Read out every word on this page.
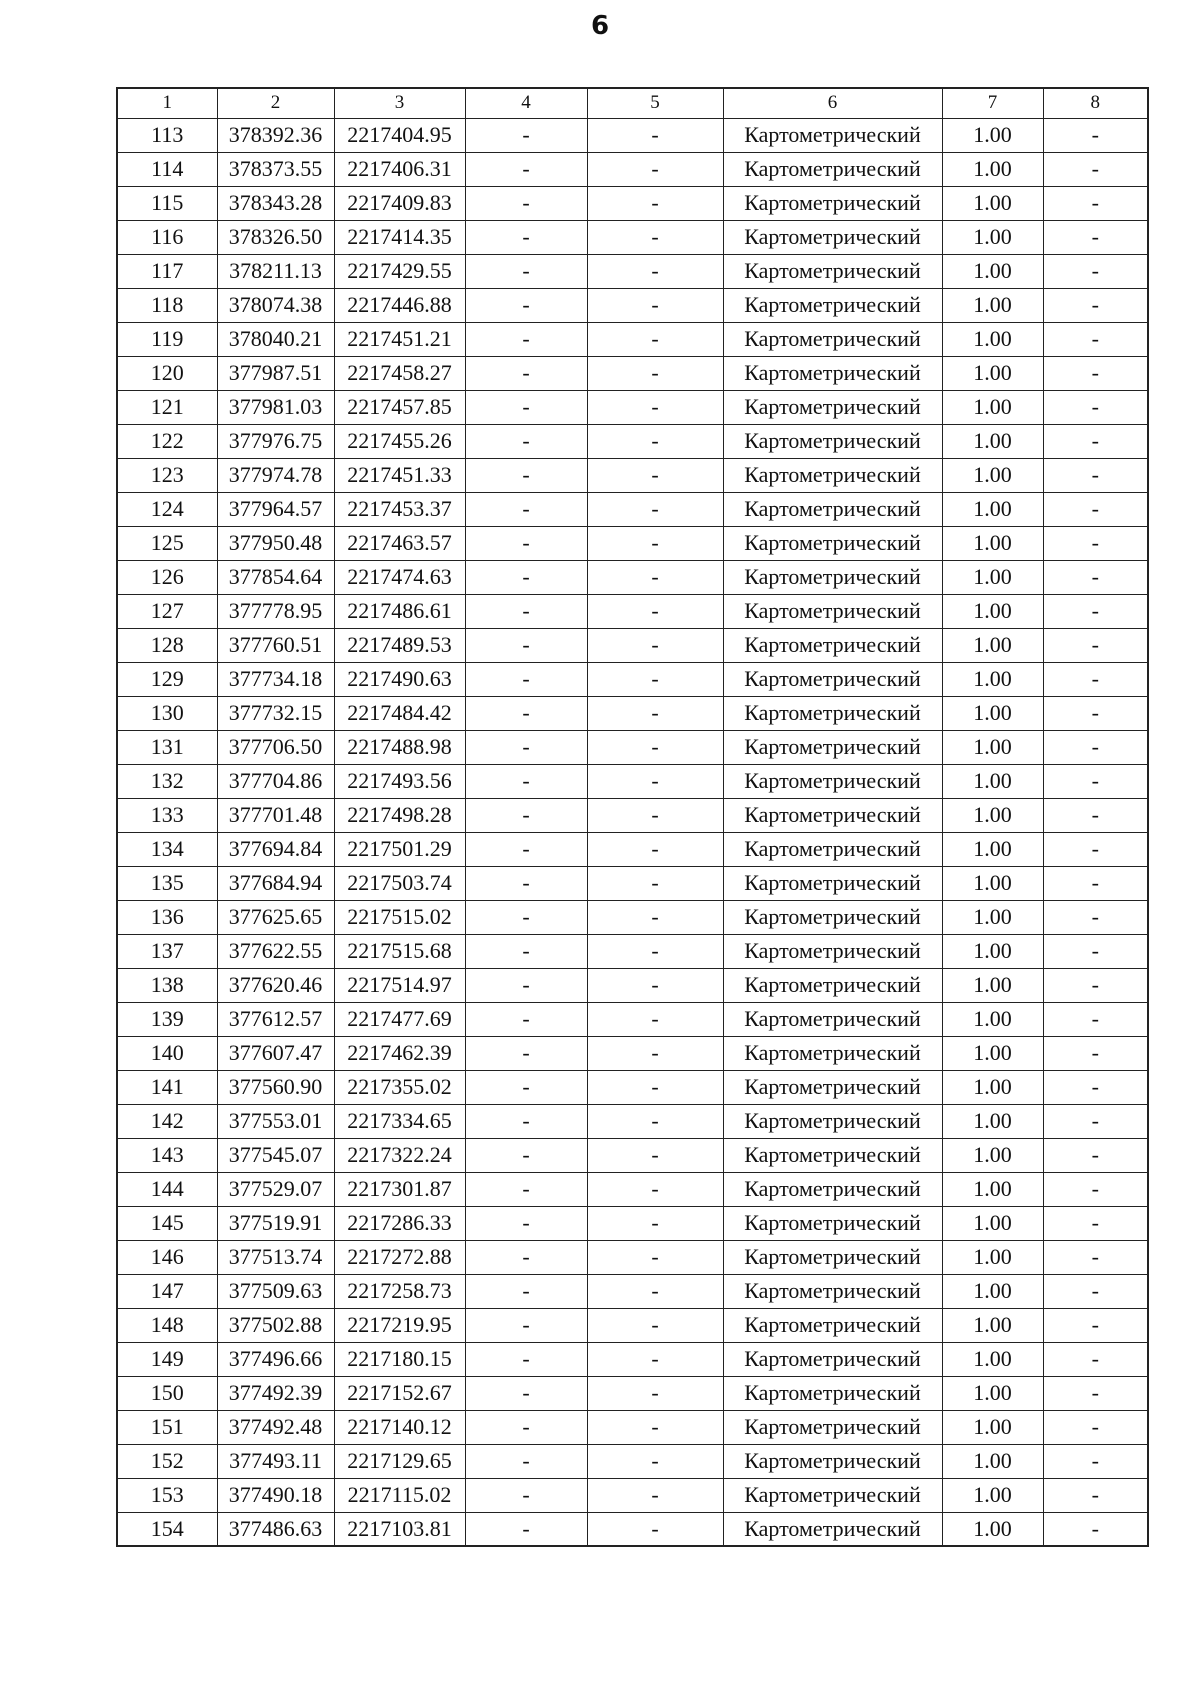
6
1	2	3	4	5	6	7	8
113	378392.36	2217404.95	-	-	Картометрический	1.00	-
114	378373.55	2217406.31	-	-	Картометрический	1.00	-
115	378343.28	2217409.83	-	-	Картометрический	1.00	-
116	378326.50	2217414.35	-	-	Картометрический	1.00	-
117	378211.13	2217429.55	-	-	Картометрический	1.00	-
118	378074.38	2217446.88	-	-	Картометрический	1.00	-
119	378040.21	2217451.21	-	-	Картометрический	1.00	-
120	377987.51	2217458.27	-	-	Картометрический	1.00	-
121	377981.03	2217457.85	-	-	Картометрический	1.00	-
122	377976.75	2217455.26	-	-	Картометрический	1.00	-
123	377974.78	2217451.33	-	-	Картометрический	1.00	-
124	377964.57	2217453.37	-	-	Картометрический	1.00	-
125	377950.48	2217463.57	-	-	Картометрический	1.00	-
126	377854.64	2217474.63	-	-	Картометрический	1.00	-
127	377778.95	2217486.61	-	-	Картометрический	1.00	-
128	377760.51	2217489.53	-	-	Картометрический	1.00	-
129	377734.18	2217490.63	-	-	Картометрический	1.00	-
130	377732.15	2217484.42	-	-	Картометрический	1.00	-
131	377706.50	2217488.98	-	-	Картометрический	1.00	-
132	377704.86	2217493.56	-	-	Картометрический	1.00	-
133	377701.48	2217498.28	-	-	Картометрический	1.00	-
134	377694.84	2217501.29	-	-	Картометрический	1.00	-
135	377684.94	2217503.74	-	-	Картометрический	1.00	-
136	377625.65	2217515.02	-	-	Картометрический	1.00	-
137	377622.55	2217515.68	-	-	Картометрический	1.00	-
138	377620.46	2217514.97	-	-	Картометрический	1.00	-
139	377612.57	2217477.69	-	-	Картометрический	1.00	-
140	377607.47	2217462.39	-	-	Картометрический	1.00	-
141	377560.90	2217355.02	-	-	Картометрический	1.00	-
142	377553.01	2217334.65	-	-	Картометрический	1.00	-
143	377545.07	2217322.24	-	-	Картометрический	1.00	-
144	377529.07	2217301.87	-	-	Картометрический	1.00	-
145	377519.91	2217286.33	-	-	Картометрический	1.00	-
146	377513.74	2217272.88	-	-	Картометрический	1.00	-
147	377509.63	2217258.73	-	-	Картометрический	1.00	-
148	377502.88	2217219.95	-	-	Картометрический	1.00	-
149	377496.66	2217180.15	-	-	Картометрический	1.00	-
150	377492.39	2217152.67	-	-	Картометрический	1.00	-
151	377492.48	2217140.12	-	-	Картометрический	1.00	-
152	377493.11	2217129.65	-	-	Картометрический	1.00	-
153	377490.18	2217115.02	-	-	Картометрический	1.00	-
154	377486.63	2217103.81	-	-	Картометрический	1.00	-
